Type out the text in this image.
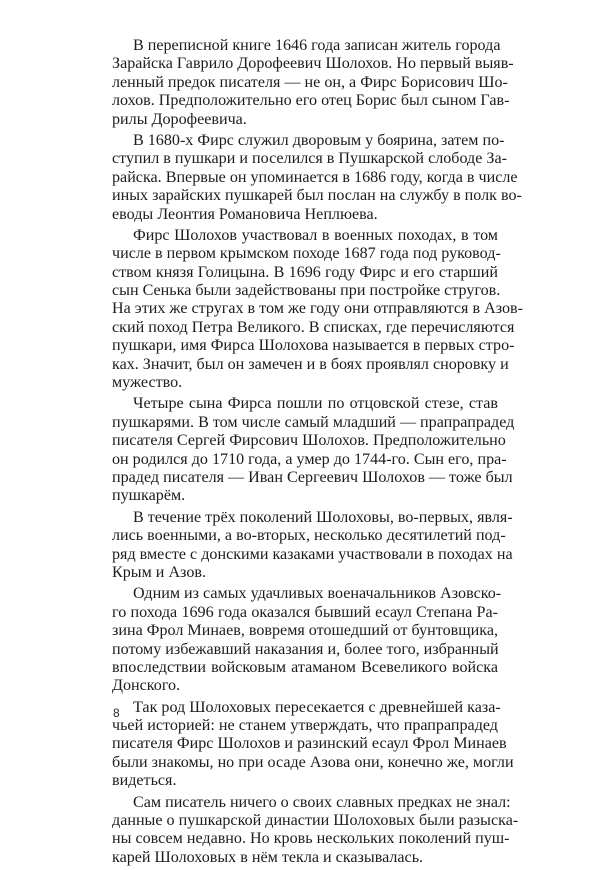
В переписной книге 1646 года записан житель города
Зарайска Гаврило Дорофеевич Шолохов. Но первый выяв-
ленный предок писателя — не он, а Фирс Борисович Шо-
лохов. Предположительно его отец Борис был сыном Гав-
рилы Дорофеевича.
В 1680-х Фирс служил дворовым у боярина, затем по-
ступил в пушкари и поселился в Пушкарской слободе За-
райска. Впервые он упоминается в 1686 году, когда в числе
иных зарайских пушкарей был послан на службу в полк во-
еводы Леонтия Романовича Неплюева.
Фирс Шолохов участвовал в военных походах, в том
числе в первом крымском походе 1687 года под руковод-
ством князя Голицына. В 1696 году Фирс и его старший
сын Сенька были задействованы при постройке стругов.
На этих же стругах в том же году они отправляются в Азов-
ский поход Петра Великого. В списках, где перечисляются
пушкари, имя Фирса Шолохова называется в первых стро-
ках. Значит, был он замечен и в боях проявлял сноровку и
мужество.
Четыре сына Фирса пошли по отцовской стезе, став
пушкарями. В том числе самый младший — прапрапрадед
писателя Сергей Фирсович Шолохов. Предположительно
он родился до 1710 года, а умер до 1744-го. Сын его, пра-
прадед писателя — Иван Сергеевич Шолохов — тоже был
пушкарём.
В течение трёх поколений Шолоховы, во-первых, явля-
лись военными, а во-вторых, несколько десятилетий под-
ряд вместе с донскими казаками участвовали в походах на
Крым и Азов.
Одним из самых удачливых военачальников Азовско-
го похода 1696 года оказался бывший есаул Степана Ра-
зина Фрол Минаев, вовремя отошедший от бунтовщика,
потому избежавший наказания и, более того, избранный
впоследствии войсковым атаманом Всевеликого войска
Донского.
Так род Шолоховых пересекается с древнейшей каза-
чьей историей: не станем утверждать, что прапрапрадед
писателя Фирс Шолохов и разинский есаул Фрол Минаев
были знакомы, но при осаде Азова они, конечно же, могли
видеться.
Сам писатель ничего о своих славных предках не знал:
данные о пушкарской династии Шолоховых были разыска-
ны совсем недавно. Но кровь нескольких поколений пуш-
карей Шолоховых в нём текла и сказывалась.
8
